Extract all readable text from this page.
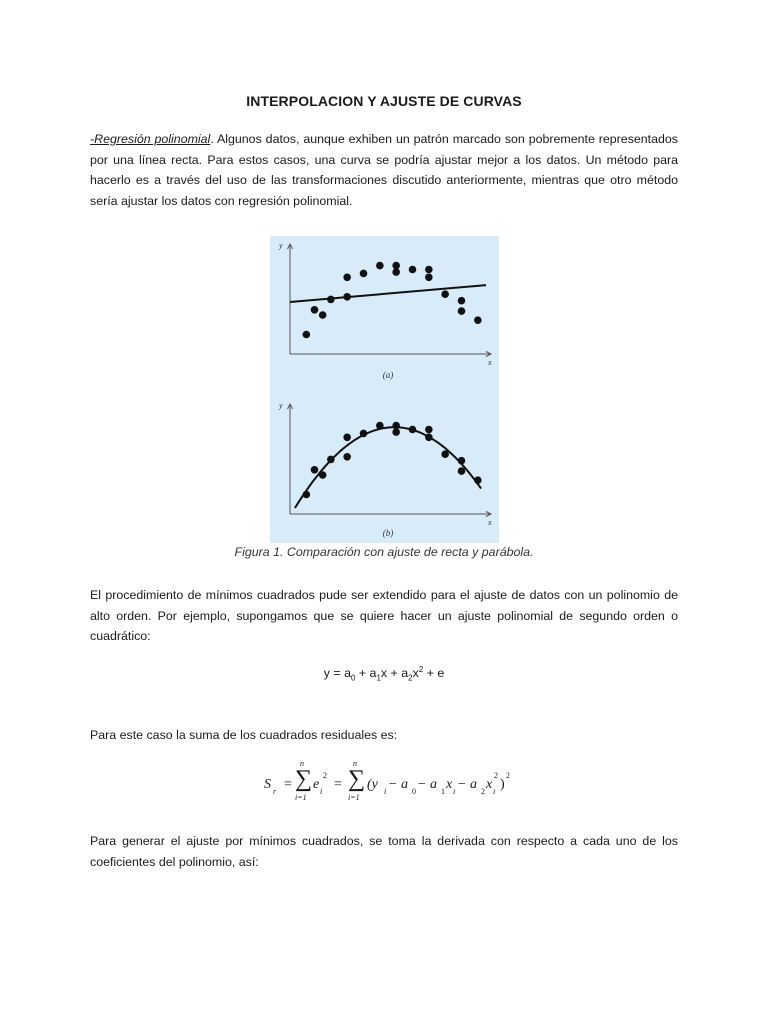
INTERPOLACION Y AJUSTE DE CURVAS
-Regresión polinomial. Algunos datos, aunque exhiben un patrón marcado son pobremente representados por una línea recta. Para estos casos, una curva se podría ajustar mejor a los datos. Un método para hacerlo es a través del uso de las transformaciones discutido anteriormente, mientras que otro método sería ajustar los datos con regresión polinomial.
x
y
(a)
x
y
(b)
Figura 1. Comparación con ajuste de recta y parábola.
El procedimiento de mínimos cuadrados pude ser extendido para el ajuste de datos con un polinomio de alto orden. Por ejemplo, supongamos que se quiere hacer un ajuste polinomial de segundo orden o cuadrático:
$y = a_0 + a_1x + a_2x^2 + e$
Para este caso la suma de los cuadrados residuales es:
S r =
n
∑
i=1
e i
2
=
n
∑
i=1
(y i − a 0 − a 1 x i − a 2 x i
2
)
2
Para generar el ajuste por mínimos cuadrados, se toma la derivada con respecto a cada uno de los coeficientes del polinomio, así:
